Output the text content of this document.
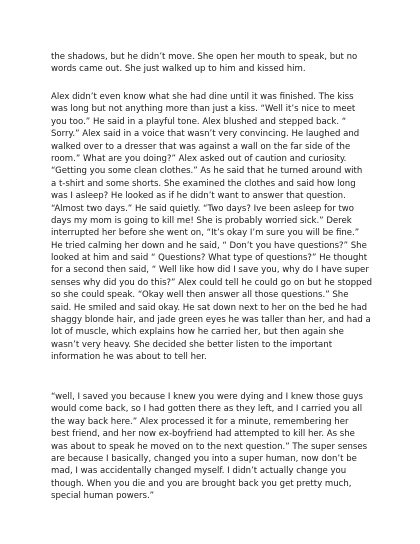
the shadows, but he didn’t move. She open her mouth to speak, but no
words came out. She just walked up to him and kissed him.
Alex didn’t even know what she had dine until it was finished. The kiss
was long but not anything more than just a kiss. “Well it’s nice to meet
you too.” He said in a playful tone. Alex blushed and stepped back. “
Sorry.” Alex said in a voice that wasn’t very convincing. He laughed and
walked over to a dresser that was against a wall on the far side of the
room.” What are you doing?” Alex asked out of caution and curiosity.
“Getting you some clean clothes.” As he said that he turned around with
a t-shirt and some shorts. She examined the clothes and said how long
was I asleep? He looked as if he didn’t want to answer that question.
“Almost two days.” He said quietly. “Two days? Ive been asleep for two
days my mom is going to kill me! She is probably worried sick.” Derek
interrupted her before she went on, “It’s okay I’m sure you will be fine.”
He tried calming her down and he said, “ Don’t you have questions?” She
looked at him and said “ Questions? What type of questions?” He thought
for a second then said, “ Well like how did I save you, why do I have super
senses why did you do this?” Alex could tell he could go on but he stopped
so she could speak. “Okay well then answer all those questions.” She
said. He smiled and said okay. He sat down next to her on the bed he had
shaggy blonde hair, and jade green eyes he was taller than her, and had a
lot of muscle, which explains how he carried her, but then again she
wasn’t very heavy. She decided she better listen to the important
information he was about to tell her.
“well, I saved you because I knew you were dying and I knew those guys
would come back, so I had gotten there as they left, and I carried you all
the way back here.” Alex processed it for a minute, remembering her
best friend, and her now ex-boyfriend had attempted to kill her. As she
was about to speak he moved on to the next question.” The super senses
are because I basically, changed you into a super human, now don’t be
mad, I was accidentally changed myself. I didn’t actually change you
though. When you die and you are brought back you get pretty much,
special human powers.”
